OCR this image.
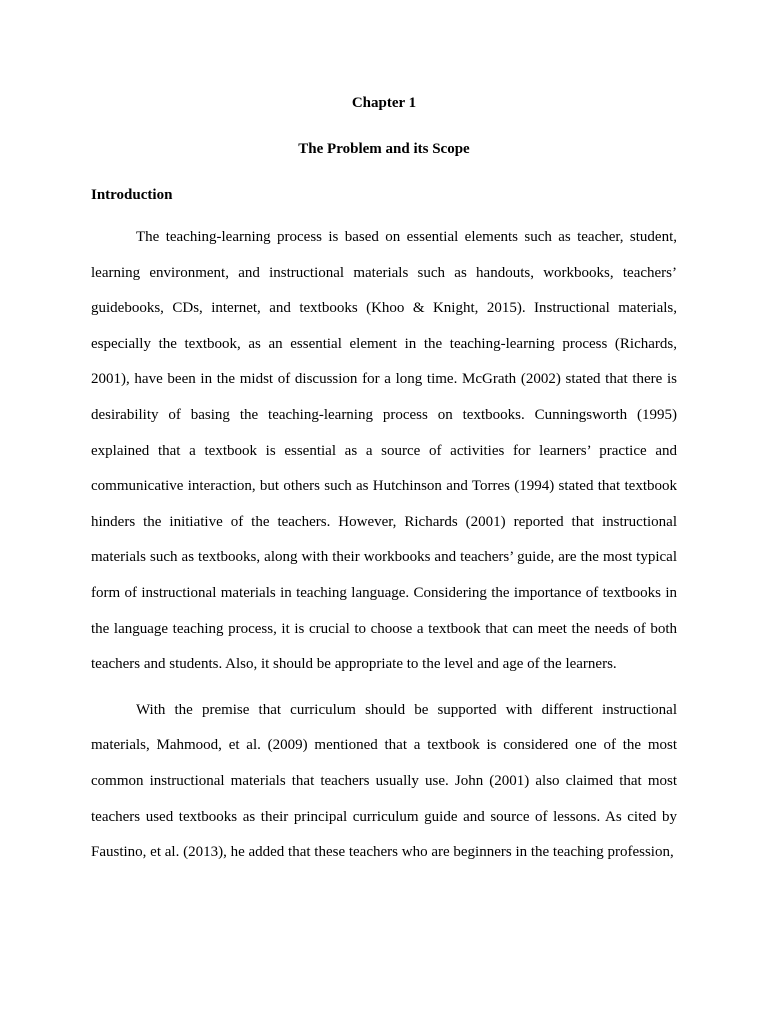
Chapter 1
The Problem and its Scope
Introduction

The teaching-learning process is based on essential elements such as teacher, student, learning environment, and instructional materials such as handouts, workbooks, teachers’ guidebooks, CDs, internet, and textbooks (Khoo & Knight, 2015). Instructional materials, especially the textbook, as an essential element in the teaching-learning process (Richards, 2001), have been in the midst of discussion for a long time. McGrath (2002) stated that there is desirability of basing the teaching-learning process on textbooks. Cunningsworth (1995) explained that a textbook is essential as a source of activities for learners’ practice and communicative interaction, but others such as Hutchinson and Torres (1994) stated that textbook hinders the initiative of the teachers. However, Richards (2001) reported that instructional materials such as textbooks, along with their workbooks and teachers’ guide, are the most typical form of instructional materials in teaching language. Considering the importance of textbooks in the language teaching process, it is crucial to choose a textbook that can meet the needs of both teachers and students. Also, it should be appropriate to the level and age of the learners.

With the premise that curriculum should be supported with different instructional materials, Mahmood, et al. (2009) mentioned that a textbook is considered one of the most common instructional materials that teachers usually use. John (2001) also claimed that most teachers used textbooks as their principal curriculum guide and source of lessons. As cited by Faustino, et al. (2013), he added that these teachers who are beginners in the teaching profession,
